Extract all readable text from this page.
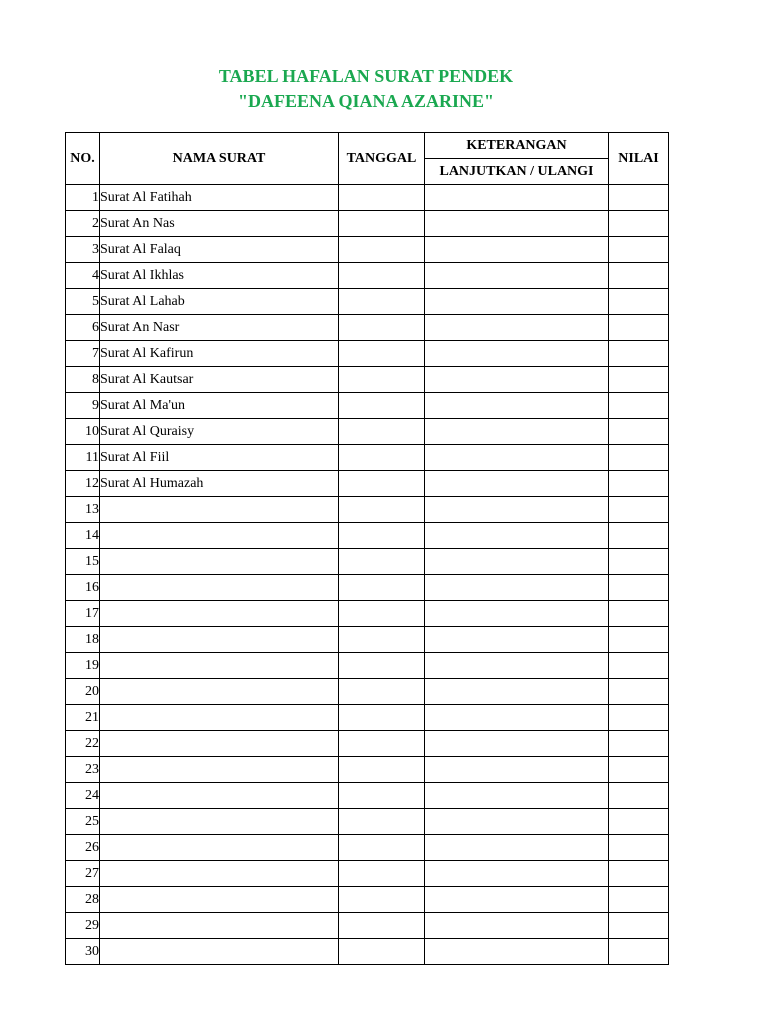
TABEL HAFALAN SURAT PENDEK
"DAFEENA QIANA AZARINE"
NO.	NAMA SURAT	TANGGAL	KETERANGAN	NILAI
			LANJUTKAN / ULANGI	
1	Surat Al Fatihah			
2	Surat An Nas			
3	Surat Al Falaq			
4	Surat Al Ikhlas			
5	Surat Al Lahab			
6	Surat An Nasr			
7	Surat Al Kafirun			
8	Surat Al Kautsar			
9	Surat Al Ma'un			
10	Surat Al Quraisy			
11	Surat Al Fiil			
12	Surat Al Humazah			
13				
14				
15				
16				
17				
18				
19				
20				
21				
22				
23				
24				
25				
26				
27				
28				
29				
30				
